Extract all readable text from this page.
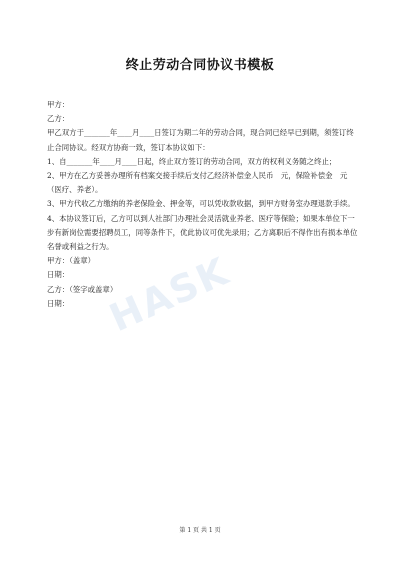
终止劳动合同协议书模板

甲方：

乙方：

甲乙双方于_______年____月____日签订为期二年的劳动合同，现合同已经早已到期，须签订终止合同协议。经双方协商一致，签订本协议如下：

1、自_______年____月____日起，终止双方签订的劳动合同，双方的权利义务随之终止；

2、甲方在乙方妥善办理所有档案交接手续后支付乙经济补偿金人民币　元，保险补偿金　元（医疗、养老）。

3、甲方代收乙方缴纳的养老保险金、押金等，可以凭收款收据，到甲方财务室办理退款手续。

4、本协议签订后，乙方可以到人社部门办理社会灵活就业养老、医疗等保险；如果本单位下一步有新岗位需要招聘员工，同等条件下，优此协议可优先录用；乙方离职后不得作出有损本单位名誉或利益之行为。

甲方：（盖章）

日期：

乙方：（签字或盖章）

日期： HASK
第 1 页 共 1 页
